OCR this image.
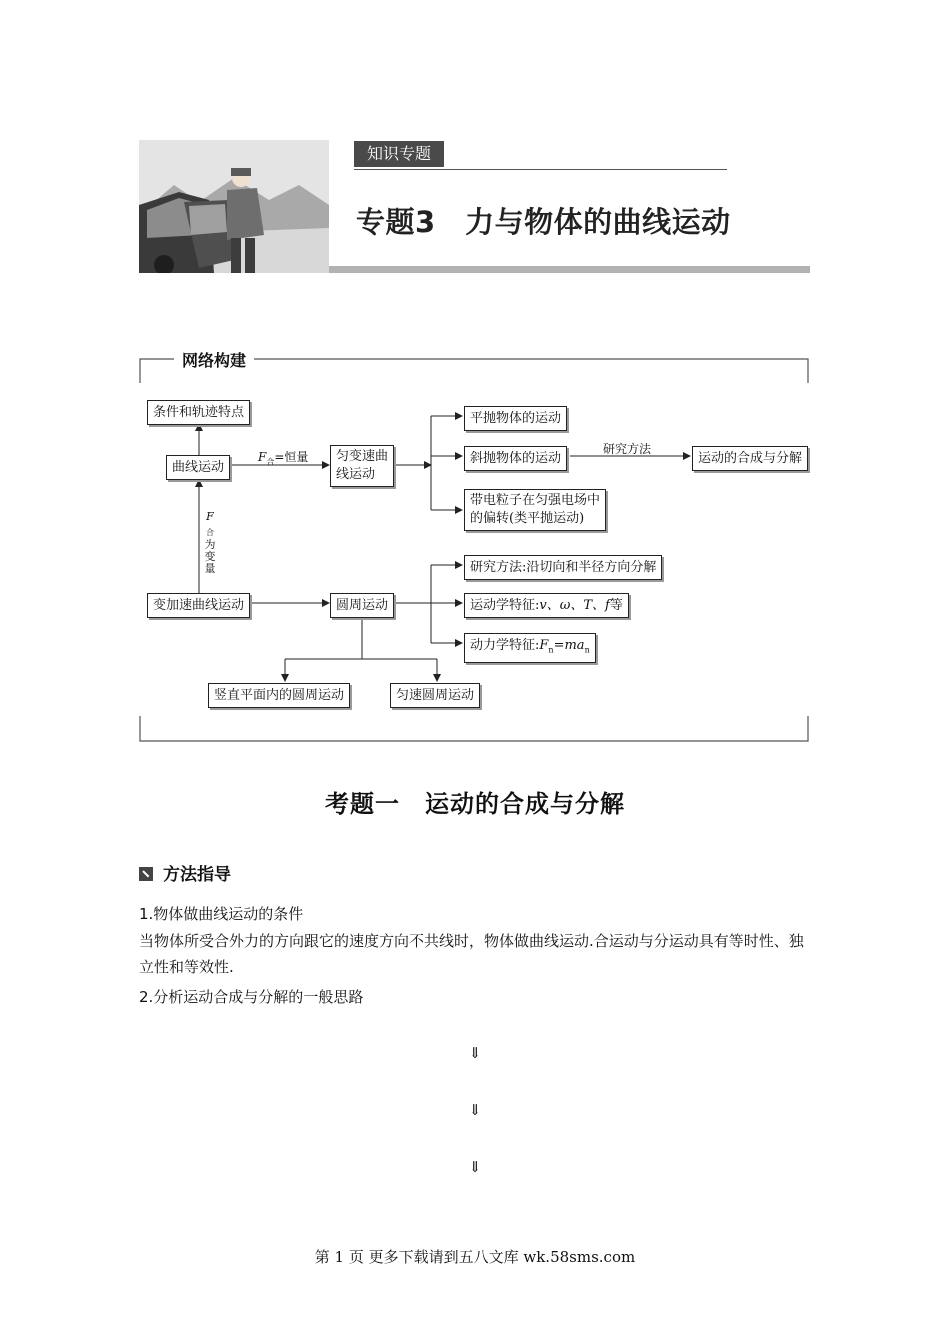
知识专题
专题3　力与物体的曲线运动
网络构建
条件和轨迹特点
曲线运动
匀变速曲
线运动
平抛物体的运动
斜抛物体的运动	运动的合成与分解
带电粒子在匀强电场中
的偏转(类平抛运动)
变加速曲线运动	圆周运动
研究方法:沿切向和半径方向分解
运动学特征:v、ω、T、f等
动力学特征$:F_n=ma_n$
竖直平面内的圆周运动	匀速圆周运动
$F_合=$恒量
研究方法
$F_合$
为
变
量
考题一　运动的合成与分解
方法指导
1.物体做曲线运动的条件
当物体所受合外力的方向跟它的速度方向不共线时，物体做曲线运动.合运动与分运动具有等时性、独立性和等效性.
2.分析运动合成与分解的一般思路
⇓
⇓
⇓
第 1 页 更多下载请到五八文库 wk.58sms.com
